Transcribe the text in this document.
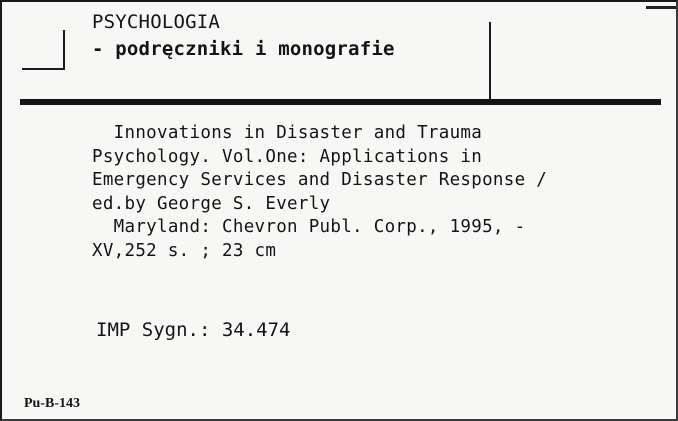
PSYCHOLOGIA
- podręczniki i monografie
Innovations in Disaster and Trauma
Psychology. Vol.One: Applications in
Emergency Services and Disaster Response /
ed.by George S. Everly
Maryland: Chevron Publ. Corp., 1995, -
XV,252 s. ; 23 cm
IMP Sygn.: 34.474
Pu-B-143
